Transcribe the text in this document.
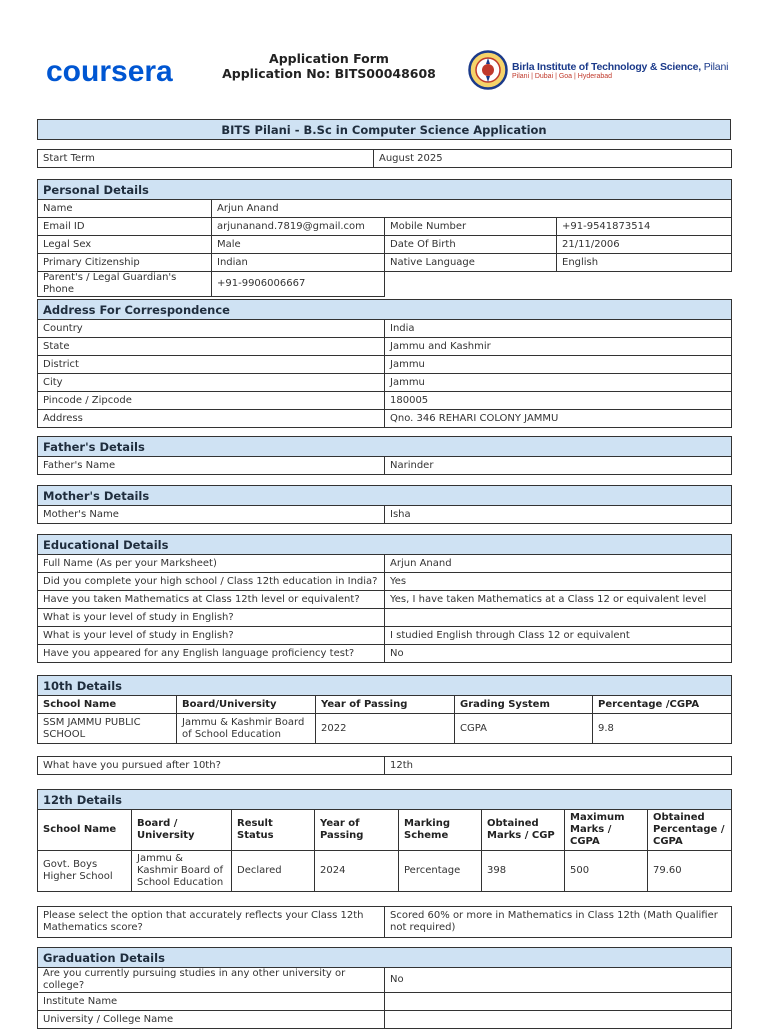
coursera	Application Form
Application No: BITS00048608	Birla Institute of Technology & Science, Pilani
Pilani | Dubai | Goa | Hyderabad
BITS Pilani - B.Sc in Computer Science Application
Start Term	August 2025
Personal Details			
Name	Arjun Anand		
Email ID	arjunanand.7819@gmail.com	Mobile Number	+91-9541873514
Legal Sex	Male	Date Of Birth	21/11/2006
Primary Citizenship	Indian	Native Language	English
Parent's / Legal Guardian's Phone	+91-9906006667		
Address For Correspondence	
Country	India
State	Jammu and Kashmir
District	Jammu
City	Jammu
Pincode / Zipcode	180005
Address	Qno. 346 REHARI COLONY JAMMU
Father's Details
Father's Name	Narinder
Mother's Details
Mother's Name	Isha
Educational Details	
Full Name (As per your Marksheet)	Arjun Anand
Did you complete your high school / Class 12th education in India?	Yes
Have you taken Mathematics at Class 12th level or equivalent?	Yes, I have taken Mathematics at a Class 12 or equivalent level
What is your level of study in English?	
What is your level of study in English?	I studied English through Class 12 or equivalent
Have you appeared for any English language proficiency test?	No
10th Details				
School Name	Board/University	Year of Passing	Grading System	Percentage /CGPA
SSM JAMMU PUBLIC SCHOOL	Jammu & Kashmir Board of School Education	2022	CGPA	9.8
What have you pursued after 10th?	12th
12th Details							
School Name	Board / University	Result Status	Year of Passing	Marking Scheme	Obtained Marks / CGP	Maximum Marks / CGPA	Obtained Percentage / CGPA
Govt. Boys Higher School	Jammu & Kashmir Board of School Education	Declared	2024	Percentage	398	500	79.60
Please select the option that accurately reflects your Class 12th Mathematics score?	Scored 60% or more in Mathematics in Class 12th (Math Qualifier not required)
Graduation Details	
Are you currently pursuing studies in any other university or college?	No
Institute Name	
University / College Name	
